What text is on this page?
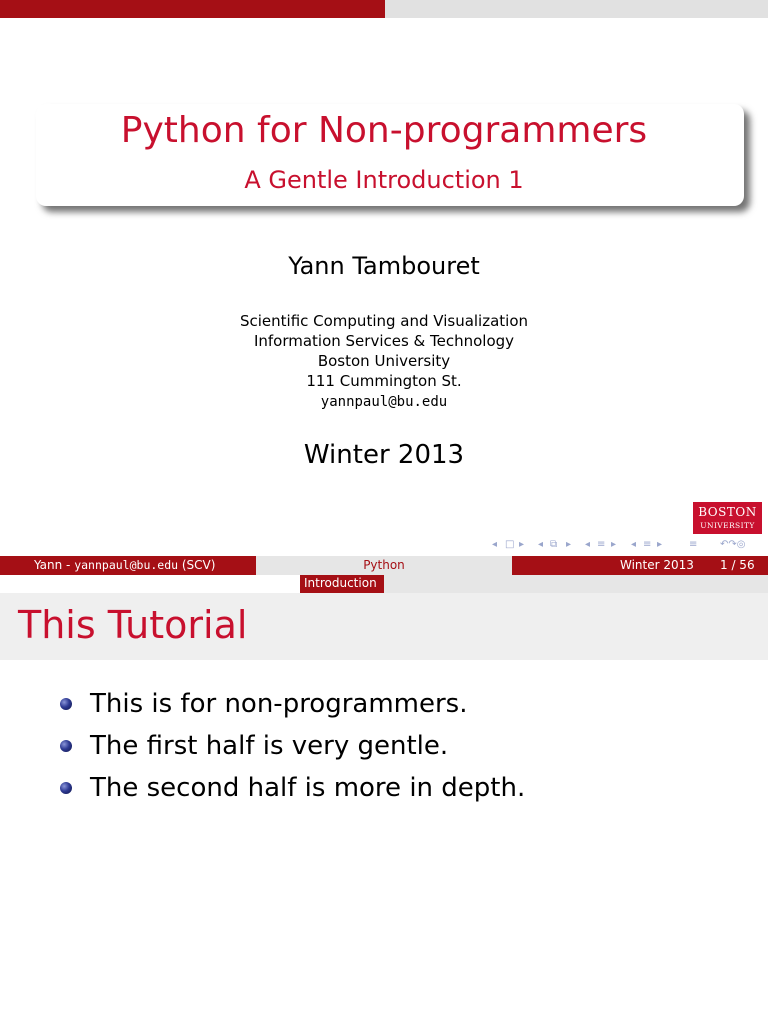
Python for Non-programmers
A Gentle Introduction 1
Yann Tambouret
Scientific Computing and Visualization
Information Services & Technology
Boston University
111 Cummington St.
yannpaul@bu.edu
Winter 2013
BOSTON
UNIVERSITY
◂ □ ▸ ◂ ⧉ ▸ ◂ ≡ ▸ ◂ ≡ ▸	≡ ↶↷◎
Yann - yannpaul@bu.edu (SCV)	Python	Winter 2013 1 / 56
Introduction
This Tutorial
This is for non-programmers.
The first half is very gentle.
The second half is more in depth.
